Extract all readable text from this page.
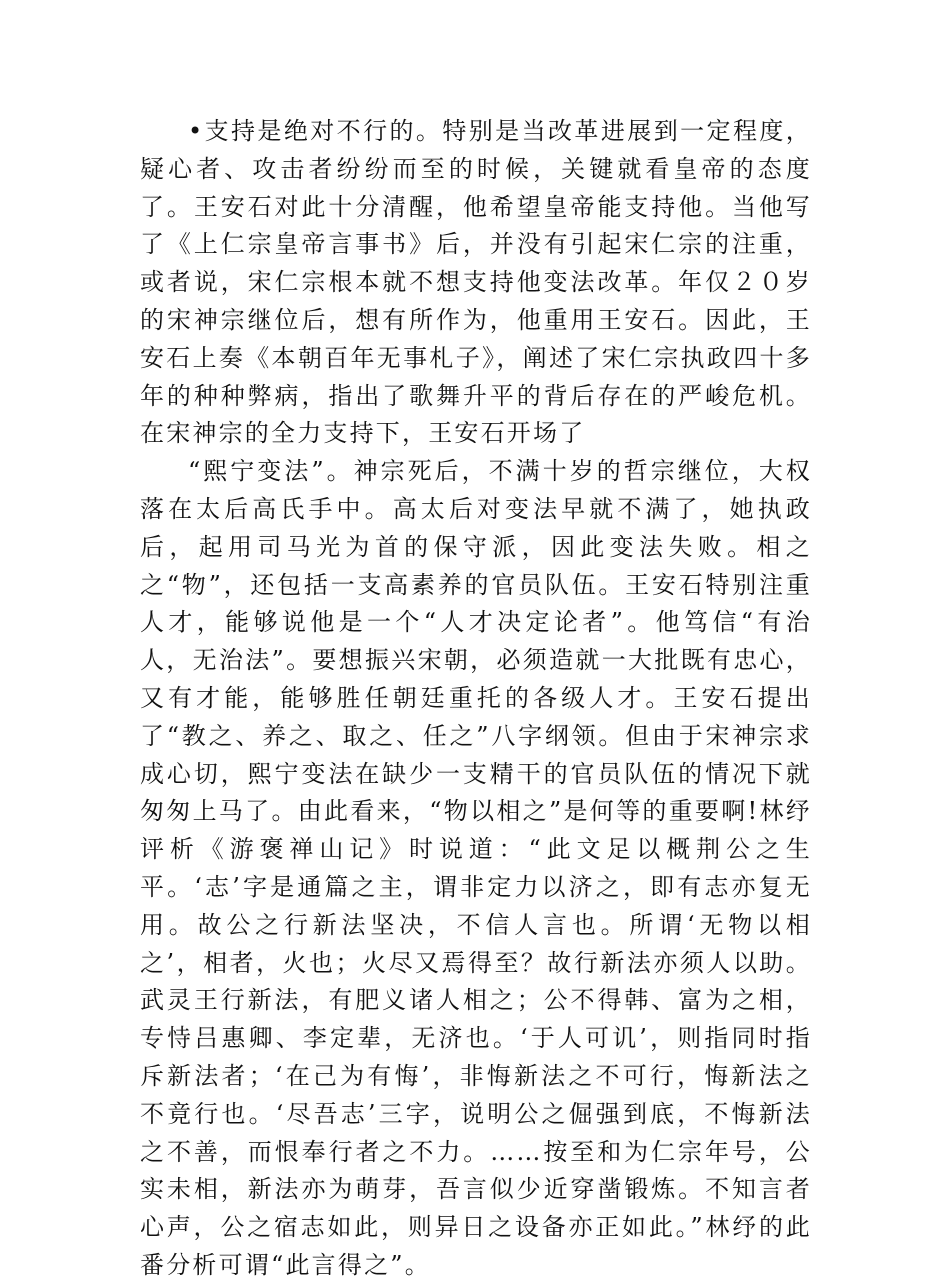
•支持是绝对不行的。特别是当改革进展到一定程度，疑心者、攻击者纷纷而至的时候，关键就看皇帝的态度了。王安石对此十分清醒，他希望皇帝能支持他。当他写了《上仁宗皇帝言事书》后，并没有引起宋仁宗的注重，或者说，宋仁宗根本就不想支持他变法改革。年仅２０岁的宋神宗继位后，想有所作为，他重用王安石。因此，王安石上奏《本朝百年无事札子》，阐述了宋仁宗执政四十多年的种种弊病，指出了歌舞升平的背后存在的严峻危机。在宋神宗的全力支持下，王安石开场了

“熙宁变法”。神宗死后，不满十岁的哲宗继位，大权落在太后高氏手中。高太后对变法早就不满了，她执政后，起用司马光为首的保守派，因此变法失败。相之之“物”，还包括一支高素养的官员队伍。王安石特别注重人才，能够说他是一个“人才决定论者”。他笃信“有治人，无治法”。要想振兴宋朝，必须造就一大批既有忠心，又有才能，能够胜任朝廷重托的各级人才。王安石提出了“教之、养之、取之、任之”八字纲领。但由于宋神宗求成心切，熙宁变法在缺少一支精干的官员队伍的情况下就匆匆上马了。由此看来，“物以相之”是何等的重要啊!林纾评析《游褒禅山记》时说道：“此文足以概荆公之生平。‘志’字是通篇之主，谓非定力以济之，即有志亦复无用。故公之行新法坚决，不信人言也。所谓‘无物以相之’，相者，火也；火尽又焉得至？故行新法亦须人以助。武灵王行新法，有肥义诸人相之；公不得韩、富为之相，专恃吕惠卿、李定辈，无济也。‘于人可讥’，则指同时指斥新法者；‘在己为有悔’，非悔新法之不可行，悔新法之不竟行也。‘尽吾志’三字，说明公之倔强到底，不悔新法之不善，而恨奉行者之不力。……按至和为仁宗年号，公实未相，新法亦为萌芽，吾言似少近穿凿锻炼。不知言者心声，公之宿志如此，则异日之设备亦正如此。”林纾的此番分析可谓“此言得之”。
